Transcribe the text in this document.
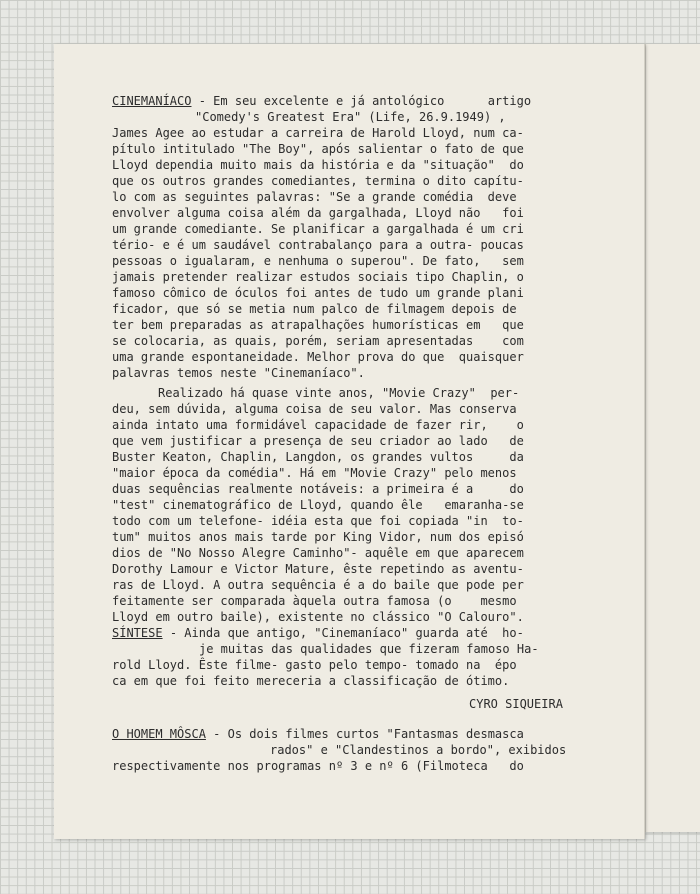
CINEMANÍACO - Em seu excelente e já antológico      artigo
"Comedy's Greatest Era" (Life, 26.9.1949) ,
James Agee ao estudar a carreira de Harold Lloyd, num ca-
pítulo intitulado "The Boy", após salientar o fato de que
Lloyd dependia muito mais da história e da "situação"  do
que os outros grandes comediantes, termina o dito capítu-
lo com as seguintes palavras: "Se a grande comédia  deve
envolver alguma coisa além da gargalhada, Lloyd não   foi
um grande comediante. Se planificar a gargalhada é um cri
tério- e é um saudável contrabalanço para a outra- poucas
pessoas o igualaram, e nenhuma o superou". De fato,   sem
jamais pretender realizar estudos sociais tipo Chaplin, o
famoso cômico de óculos foi antes de tudo um grande plani
ficador, que só se metia num palco de filmagem depois de
ter bem preparadas as atrapalhações humorísticas em   que
se colocaria, as quais, porém, seriam apresentadas    com
uma grande espontaneidade. Melhor prova do que  quaisquer
palavras temos neste "Cinemaníaco".
Realizado há quase vinte anos, "Movie Crazy"  per-
deu, sem dúvida, alguma coisa de seu valor. Mas conserva
ainda intato uma formidável capacidade de fazer rir,    o
que vem justificar a presença de seu criador ao lado   de
Buster Keaton, Chaplin, Langdon, os grandes vultos     da
"maior época da comédia". Há em "Movie Crazy" pelo menos
duas sequências realmente notáveis: a primeira é a     do
"test" cinematográfico de Lloyd, quando êle   emaranha-se
todo com um telefone- idéia esta que foi copiada "in  to-
tum" muitos anos mais tarde por King Vidor, num dos episó
dios de "No Nosso Alegre Caminho"- aquêle em que aparecem
Dorothy Lamour e Victor Mature, êste repetindo as aventu-
ras de Lloyd. A outra sequência é a do baile que pode per
feitamente ser comparada àquela outra famosa (o    mesmo
Lloyd em outro baile), existente no clássico "O Calouro".
SÍNTESE - Ainda que antigo, "Cinemaníaco" guarda até  ho-
je muitas das qualidades que fizeram famoso Ha-
rold Lloyd. Êste filme- gasto pelo tempo- tomado na  épo
ca em que foi feito mereceria a classificação de ótimo.
CYRO SIQUEIRA
O HOMEM MÔSCA - Os dois filmes curtos "Fantasmas desmasca
rados" e "Clandestinos a bordo", exibidos
respectivamente nos programas nº 3 e nº 6 (Filmoteca   do
